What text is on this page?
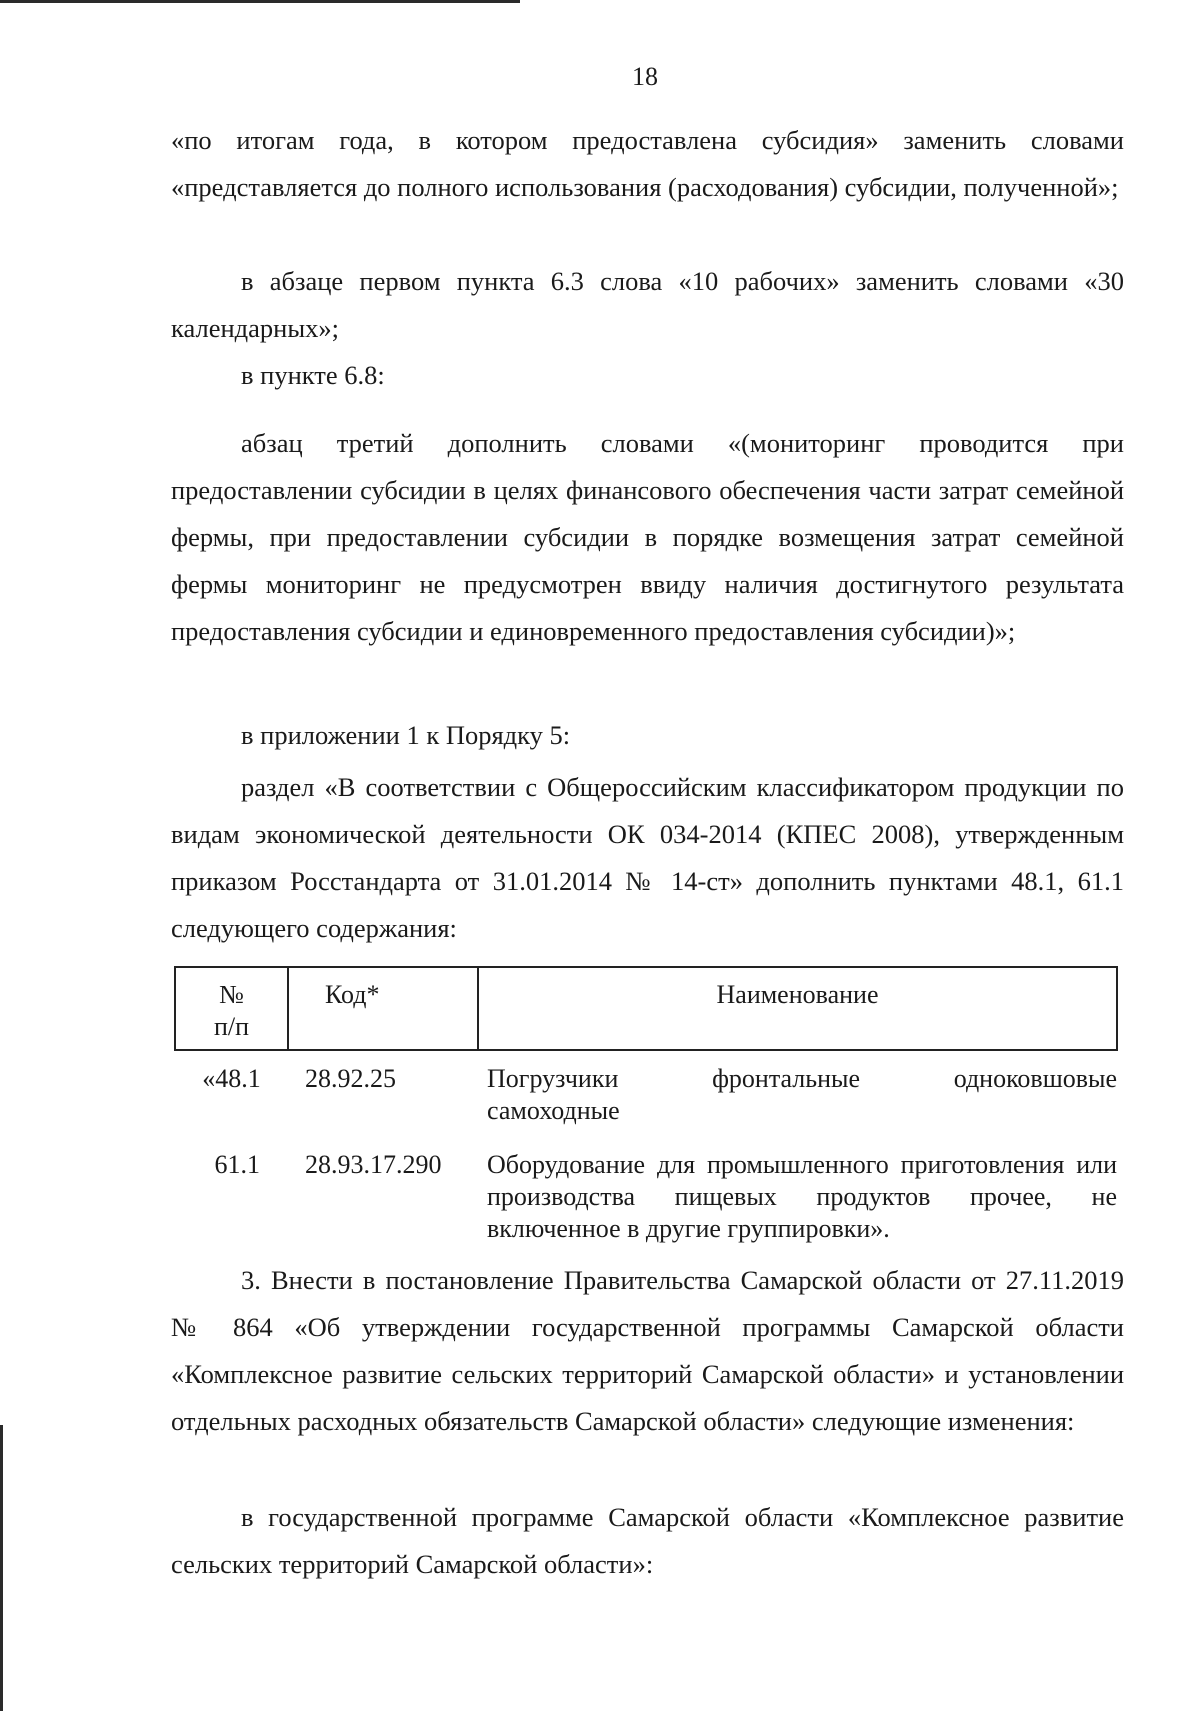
18

«по итогам года, в котором предоставлена субсидия» заменить словами «представляется до полного использования (расходования) субсидии, полученной»;

в абзаце первом пункта 6.3 слова «10 рабочих» заменить словами «30 календарных»;

в пункте 6.8:

абзац третий дополнить словами «(мониторинг проводится при предоставлении субсидии в целях финансового обеспечения части затрат семейной фермы, при предоставлении субсидии в порядке возмещения затрат семейной фермы мониторинг не предусмотрен ввиду наличия достигнутого результата предоставления субсидии и единовременного предоставления субсидии)»;

в приложении 1 к Порядку 5:

раздел «В соответствии с Общероссийским классификатором продукции по видам экономической деятельности ОК 034-2014 (КПЕС 2008), утвержденным приказом Росстандарта от 31.01.2014 № 14-ст» дополнить пунктами 48.1, 61.1 следующего содержания:

№
п/п	Код*	Наименование
«48.1	28.92.25	Погрузчики фронтальные одноковшовые
самоходные

61.1	28.93.17.290	Оборудование для промышленного приготовления или производства пищевых продуктов прочее, не
включенное в другие группировки».

3. Внести в постановление Правительства Самарской области от 27.11.2019 № 864 «Об утверждении государственной программы Самарской области «Комплексное развитие сельских территорий Самарской области» и установлении отдельных расходных обязательств Самарской области» следующие изменения:

в государственной программе Самарской области «Комплексное развитие сельских территорий Самарской области»:
